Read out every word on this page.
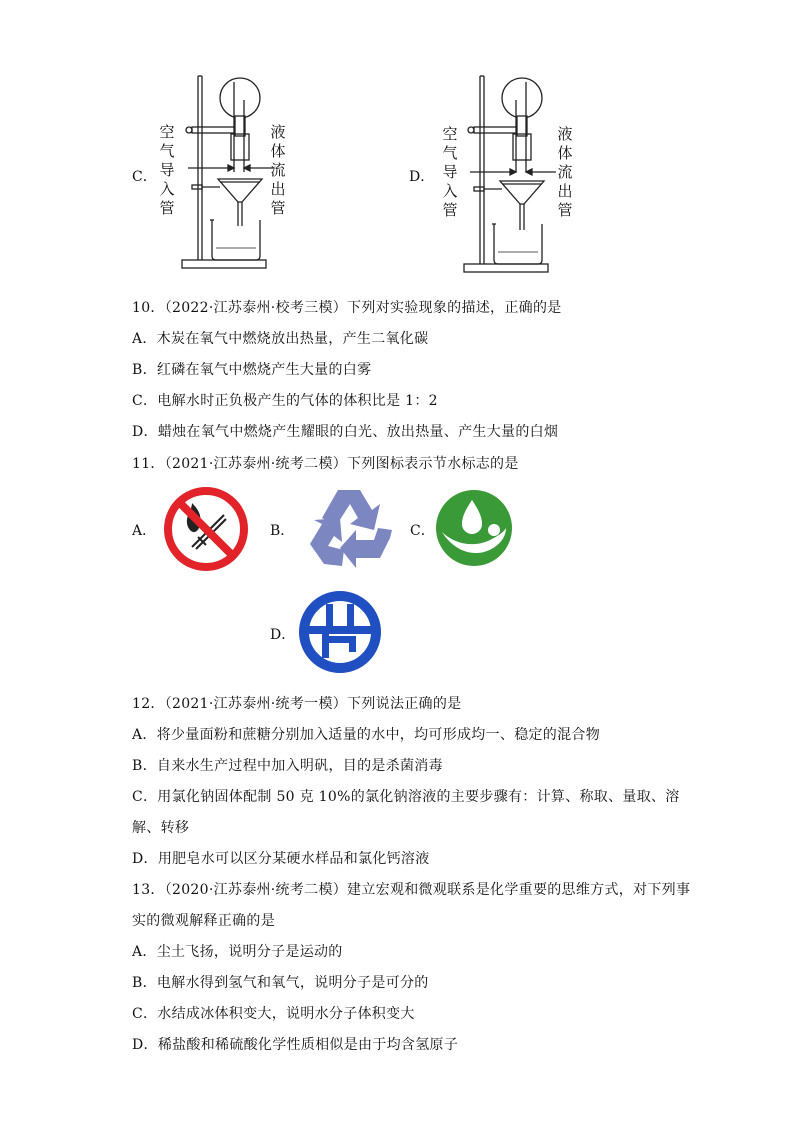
C．
空气导入管
液体流出管
D．
空气导入管
液体流出管
10．（2022·江苏泰州·校考三模）下列对实验现象的描述，正确的是
A．木炭在氧气中燃烧放出热量，产生二氧化碳
B．红磷在氧气中燃烧产生大量的白雾
C．电解水时正负极产生的气体的体积比是 1：2
D．蜡烛在氧气中燃烧产生耀眼的白光、放出热量、产生大量的白烟
11．（2021·江苏泰州·统考二模）下列图标表示节水标志的是
A．	B．	C．
D．
12．（2021·江苏泰州·统考一模）下列说法正确的是
A．将少量面粉和蔗糖分别加入适量的水中，均可形成均一、稳定的混合物
B．自来水生产过程中加入明矾，目的是杀菌消毒
C．用氯化钠固体配制 50 克 10%的氯化钠溶液的主要步骤有：计算、称取、量取、溶
解、转移
D．用肥皂水可以区分某硬水样品和氯化钙溶液
13．（2020·江苏泰州·统考二模）建立宏观和微观联系是化学重要的思维方式，对下列事
实的微观解释正确的是
A．尘土飞扬，说明分子是运动的
B．电解水得到氢气和氧气，说明分子是可分的
C．水结成冰体积变大，说明水分子体积变大
D．稀盐酸和稀硫酸化学性质相似是由于均含氢原子
